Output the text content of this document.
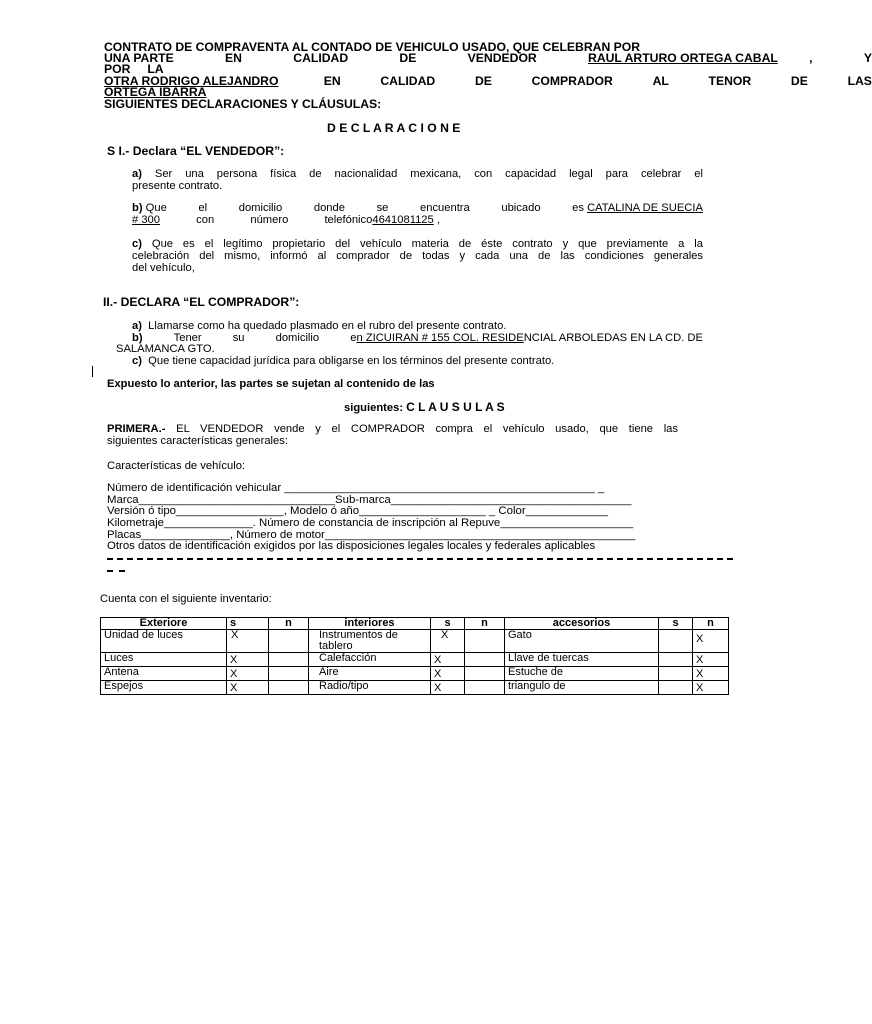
CONTRATO DE COMPRAVENTA AL CONTADO DE VEHICULO USADO, QUE CELEBRAN POR
UNA PARTE	EN	CALIDAD	DE	VENDEDOR	RAUL ARTURO ORTEGA CABAL	,	Y
POR     LA
OTRA RODRIGO ALEJANDRO	EN	CALIDAD	DE	COMPRADOR	AL	TENOR	DE	LAS
ORTEGA IBARRA
SIGUIENTES DECLARACIONES Y CLÁUSULAS:
D E C L A R A C I O N E
S I.- Declara “EL VENDEDOR”:
a) Ser una persona física de nacionalidad mexicana, con capacidad legal para celebrar el
presente contrato.
b) Que	el	domicilio	donde	se	encuentra	ubicado	es CATALINA DE SUECIA
# 300	con	número	telefónico4641081125 ,
c) Que es el legítimo propietario del vehículo materia de éste contrato y que previamente a la
celebración del mismo, informó al comprador de todas y cada una de las condiciones generales
del vehículo,
II.- DECLARA “EL COMPRADOR”:
a) Llamarse como ha quedado plasmado en el rubro del presente contrato.
b)	Tener	su	domicilio	en ZICUIRAN # 155 COL. RESIDENCIAL ARBOLEDAS EN LA CD. DE
SALAMANCA GTO.
c) Que tiene capacidad jurídica para obligarse en los términos del presente contrato.
Expuesto lo anterior, las partes se sujetan al contenido de las
siguientes: C L A U S U L A S
PRIMERA.- EL VENDEDOR vende y el COMPRADOR compra el vehículo usado, que tiene las
siguientes características generales:
Características de vehículo:
Número de identificación vehicular _________________________________________________ _
Marca_______________________________Sub-marca______________________________________
Versión ó tipo_________________, Modelo ó año____________________ _ Color_____________
Kilometraje______________. Número de constancia de inscripción al Repuve_____________________
Placas______________, Número de motor_________________________________________________
Otros datos de identificación exigidos por las disposiciones legales locales y federales aplicables
Cuenta con el siguiente inventario:
Exteriore	s	n	interiores	s	n	accesorios	s	n
Unidad de luces	X		Instrumentos de tablero	X		Gato		X
Luces	X		Calefacción	X		Llave de tuercas		X
Antena	X		Aire	X		Estuche de		X
Espejos	X		Radio/tipo	X		triangulo de		X
